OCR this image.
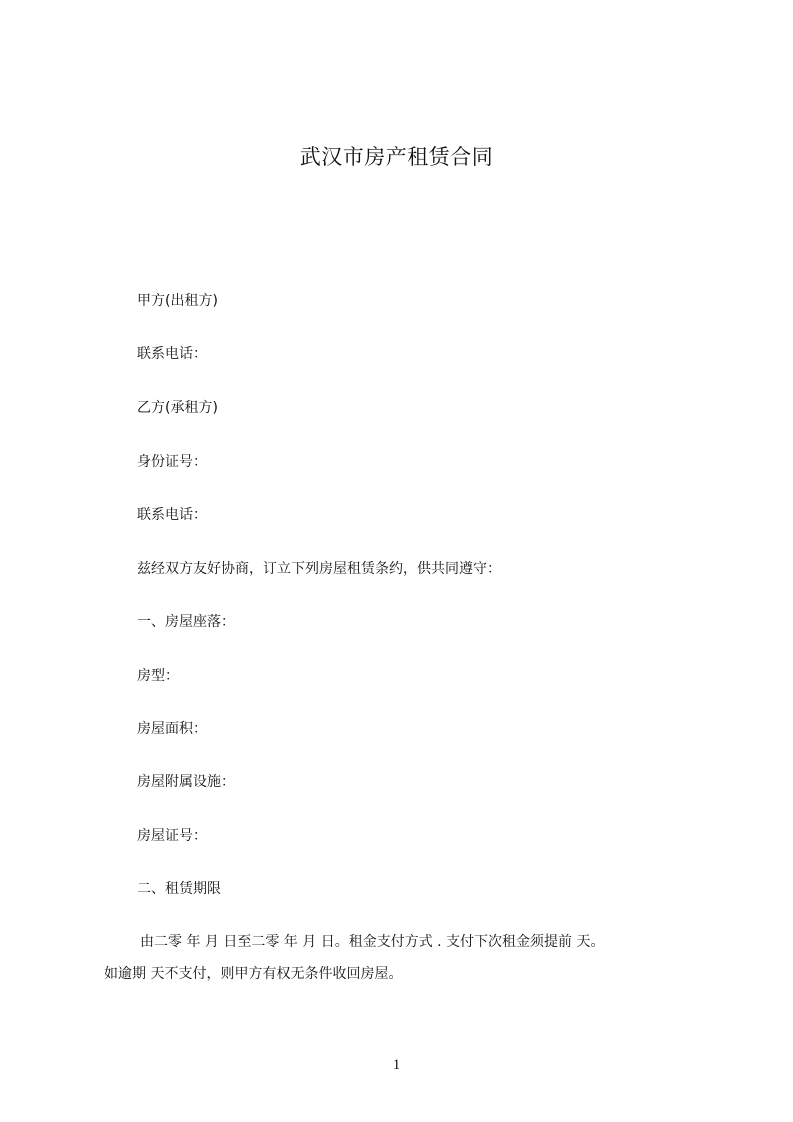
武汉市房产租赁合同
甲方(出租方)
联系电话：
乙方(承租方)
身份证号：
联系电话：
兹经双方友好协商，订立下列房屋租赁条约，供共同遵守：
一、房屋座落：
房型：
房屋面积：
房屋附属设施：
房屋证号：
二、租赁期限
由二零 年 月 日至二零 年 月 日。租金支付方式 . 支付下次租金须提前 天。
如逾期 天不支付，则甲方有权无条件收回房屋。
1
